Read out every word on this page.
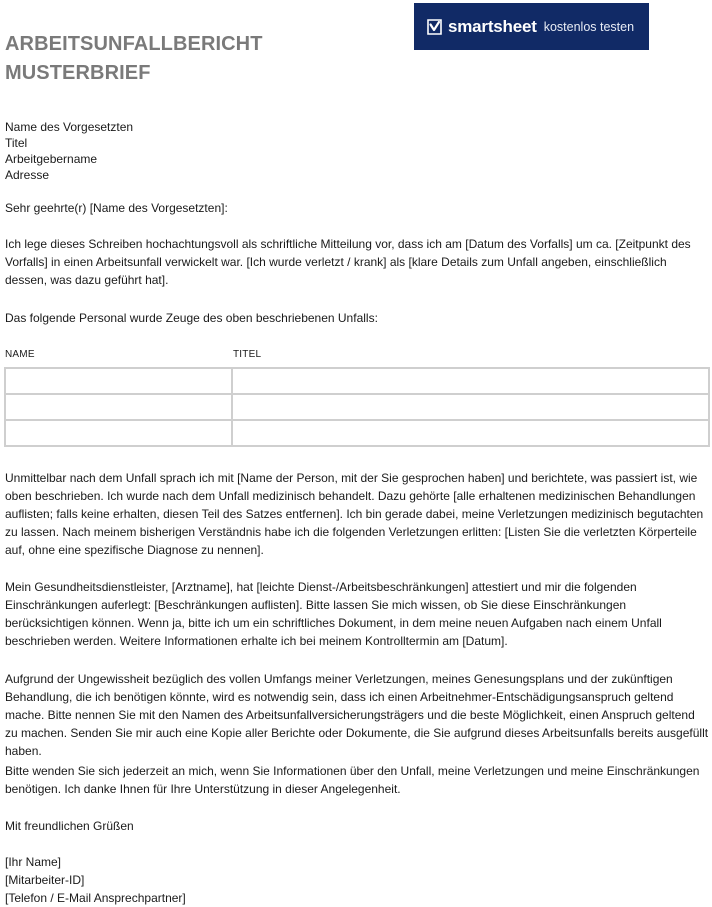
ARBEITSUNFALLBERICHT
MUSTERBRIEF
smartsheet kostenlos testen
Name des Vorgesetzten
Titel
Arbeitgebername
Adresse

Sehr geehrte(r) [Name des Vorgesetzten]:

Ich lege dieses Schreiben hochachtungsvoll als schriftliche Mitteilung vor, dass ich am [Datum des Vorfalls] um ca. [Zeitpunkt des Vorfalls] in einen Arbeitsunfall verwickelt war. [Ich wurde verletzt / krank] als [klare Details zum Unfall angeben, einschließlich dessen, was dazu geführt hat].

Das folgende Personal wurde Zeuge des oben beschriebenen Unfalls:

NAME	TITEL

Unmittelbar nach dem Unfall sprach ich mit [Name der Person, mit der Sie gesprochen haben] und berichtete, was passiert ist, wie oben beschrieben. Ich wurde nach dem Unfall medizinisch behandelt. Dazu gehörte [alle erhaltenen medizinischen Behandlungen auflisten; falls keine erhalten, diesen Teil des Satzes entfernen]. Ich bin gerade dabei, meine Verletzungen medizinisch begutachten zu lassen. Nach meinem bisherigen Verständnis habe ich die folgenden Verletzungen erlitten: [Listen Sie die verletzten Körperteile auf, ohne eine spezifische Diagnose zu nennen].

Mein Gesundheitsdienstleister, [Arztname], hat [leichte Dienst-/Arbeitsbeschränkungen] attestiert und mir die folgenden Einschränkungen auferlegt: [Beschränkungen auflisten]. Bitte lassen Sie mich wissen, ob Sie diese Einschränkungen berücksichtigen können. Wenn ja, bitte ich um ein schriftliches Dokument, in dem meine neuen Aufgaben nach einem Unfall beschrieben werden. Weitere Informationen erhalte ich bei meinem Kontrolltermin am [Datum].

Aufgrund der Ungewissheit bezüglich des vollen Umfangs meiner Verletzungen, meines Genesungsplans und der zukünftigen Behandlung, die ich benötigen könnte, wird es notwendig sein, dass ich einen Arbeitnehmer-Entschädigungsanspruch geltend mache. Bitte nennen Sie mit den Namen des Arbeitsunfallversicherungsträgers und die beste Möglichkeit, einen Anspruch geltend zu machen. Senden Sie mir auch eine Kopie aller Berichte oder Dokumente, die Sie aufgrund dieses Arbeitsunfalls bereits ausgefüllt haben.

Bitte wenden Sie sich jederzeit an mich, wenn Sie Informationen über den Unfall, meine Verletzungen und meine Einschränkungen benötigen. Ich danke Ihnen für Ihre Unterstützung in dieser Angelegenheit.

Mit freundlichen Grüßen

[Ihr Name]
[Mitarbeiter-ID]
[Telefon / E-Mail Ansprechpartner]
